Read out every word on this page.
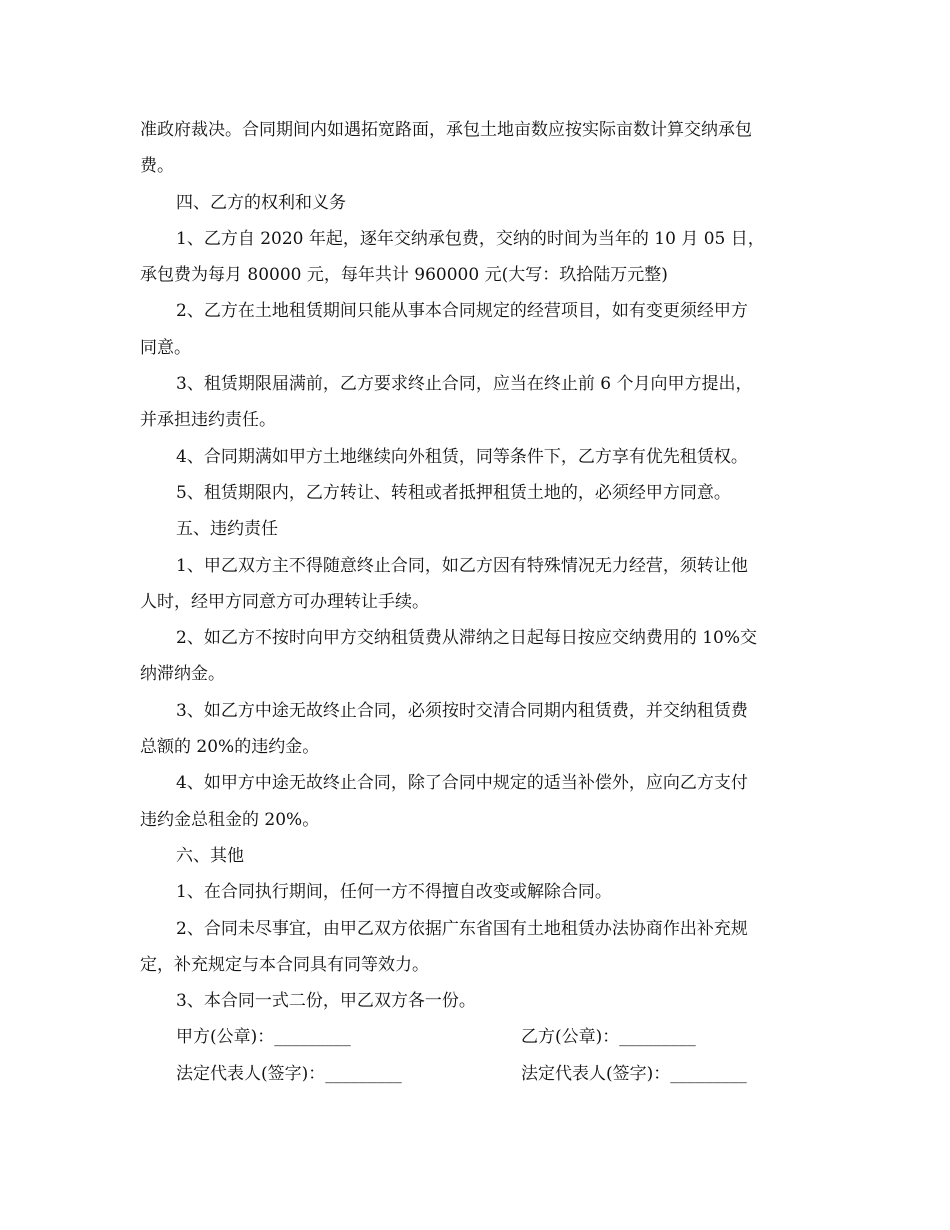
准政府裁决。合同期间内如遇拓宽路面，承包土地亩数应按实际亩数计算交纳承包
费。
四、乙方的权利和义务
1、乙方自 2020 年起，逐年交纳承包费，交纳的时间为当年的 10 月 05 日，
承包费为每月 80000 元，每年共计 960000 元(大写：玖拾陆万元整)
2、乙方在土地租赁期间只能从事本合同规定的经营项目，如有变更须经甲方
同意。
3、租赁期限届满前，乙方要求终止合同，应当在终止前 6 个月向甲方提出，
并承担违约责任。
4、合同期满如甲方土地继续向外租赁，同等条件下，乙方享有优先租赁权。
5、租赁期限内，乙方转让、转租或者抵押租赁土地的，必须经甲方同意。
五、违约责任
1、甲乙双方主不得随意终止合同，如乙方因有特殊情况无力经营，须转让他
人时，经甲方同意方可办理转让手续。
2、如乙方不按时向甲方交纳租赁费从滞纳之日起每日按应交纳费用的 10%交
纳滞纳金。
3、如乙方中途无故终止合同，必须按时交清合同期内租赁费，并交纳租赁费
总额的 20%的违约金。
4、如甲方中途无故终止合同，除了合同中规定的适当补偿外，应向乙方支付
违约金总租金的 20%。
六、其他
1、在合同执行期间，任何一方不得擅自改变或解除合同。
2、合同未尽事宜，由甲乙双方依据广东省国有土地租赁办法协商作出补充规
定，补充规定与本合同具有同等效力。
3、本合同一式二份，甲乙双方各一份。
甲方(公章)：_________	乙方(公章)：_________
法定代表人(签字)：_________	法定代表人(签字)：_________
